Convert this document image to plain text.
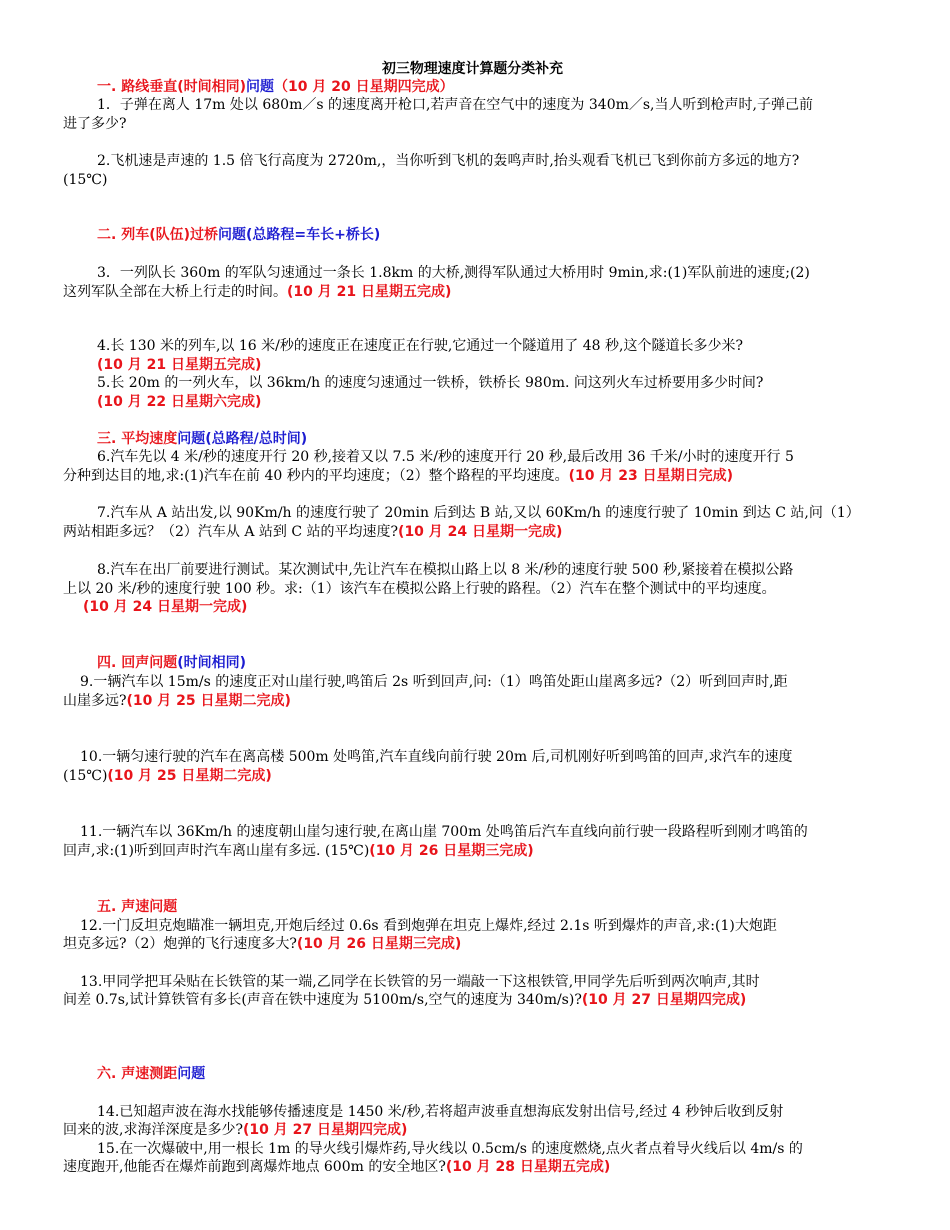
初三物理速度计算题分类补充
一. 路线垂直(时间相同)问题（10 月 20 日星期四完成）
1．子弹在离人 17m 处以 680m／s 的速度离开枪口,若声音在空气中的速度为 340m／s,当人听到枪声时,子弹己前
进了多少?
2.飞机速是声速的 1.5 倍飞行高度为 2720m,，当你听到飞机的轰鸣声时,抬头观看飞机已飞到你前方多远的地方?
(15℃)
二. 列车(队伍)过桥问题(总路程=车长+桥长)
3．一列队长 360m 的军队匀速通过一条长 1.8km 的大桥,测得军队通过大桥用时 9min,求:(1)军队前进的速度;(2)
这列军队全部在大桥上行走的时间。(10 月 21 日星期五完成)
4.长 130 米的列车,以 16 米/秒的速度正在速度正在行驶,它通过一个隧道用了 48 秒,这个隧道长多少米?
(10 月 21 日星期五完成)
5.长 20m 的一列火车，以 36km/h 的速度匀速通过一铁桥，铁桥长 980m. 问这列火车过桥要用多少时间?
(10 月 22 日星期六完成)
三. 平均速度问题(总路程/总时间)
6.汽车先以 4 米/秒的速度开行 20 秒,接着又以 7.5 米/秒的速度开行 20 秒,最后改用 36 千米/小时的速度开行 5
分种到达目的地,求:(1)汽车在前 40 秒内的平均速度；（2）整个路程的平均速度。(10 月 23 日星期日完成)
7.汽车从 A 站出发,以 90Km/h 的速度行驶了 20min 后到达 B 站,又以 60Km/h 的速度行驶了 10min 到达 C 站,问（1）
两站相距多远？（2）汽车从 A 站到 C 站的平均速度?(10 月 24 日星期一完成)
8.汽车在出厂前要进行测试。某次测试中,先让汽车在模拟山路上以 8 米/秒的速度行驶 500 秒,紧接着在模拟公路
上以 20 米/秒的速度行驶 100 秒。求:（1）该汽车在模拟公路上行驶的路程。（2）汽车在整个测试中的平均速度。
(10 月 24 日星期一完成)
四. 回声问题(时间相同)
9.一辆汽车以 15m/s 的速度正对山崖行驶,鸣笛后 2s 听到回声,问:（1）鸣笛处距山崖离多远?（2）听到回声时,距
山崖多远?(10 月 25 日星期二完成)
10.一辆匀速行驶的汽车在离高楼 500m 处鸣笛,汽车直线向前行驶 20m 后,司机刚好听到鸣笛的回声,求汽车的速度
(15℃)(10 月 25 日星期二完成)
11.一辆汽车以 36Km/h 的速度朝山崖匀速行驶,在离山崖 700m 处鸣笛后汽车直线向前行驶一段路程听到刚才鸣笛的
回声,求:(1)听到回声时汽车离山崖有多远. (15℃)(10 月 26 日星期三完成)
五. 声速问题
12.一门反坦克炮瞄准一辆坦克,开炮后经过 0.6s 看到炮弹在坦克上爆炸,经过 2.1s 听到爆炸的声音,求:(1)大炮距
坦克多远?（2）炮弹的飞行速度多大?(10 月 26 日星期三完成)
13.甲同学把耳朵贴在长铁管的某一端,乙同学在长铁管的另一端敲一下这根铁管,甲同学先后听到两次响声,其时
间差 0.7s,试计算铁管有多长(声音在铁中速度为 5100m/s,空气的速度为 340m/s)?(10 月 27 日星期四完成)
六. 声速测距问题
14.已知超声波在海水找能够传播速度是 1450 米/秒,若将超声波垂直想海底发射出信号,经过 4 秒钟后收到反射
回来的波,求海洋深度是多少?(10 月 27 日星期四完成)
15.在一次爆破中,用一根长 1m 的导火线引爆炸药,导火线以 0.5cm/s 的速度燃烧,点火者点着导火线后以 4m/s 的
速度跑开,他能否在爆炸前跑到离爆炸地点 600m 的安全地区?(10 月 28 日星期五完成)
